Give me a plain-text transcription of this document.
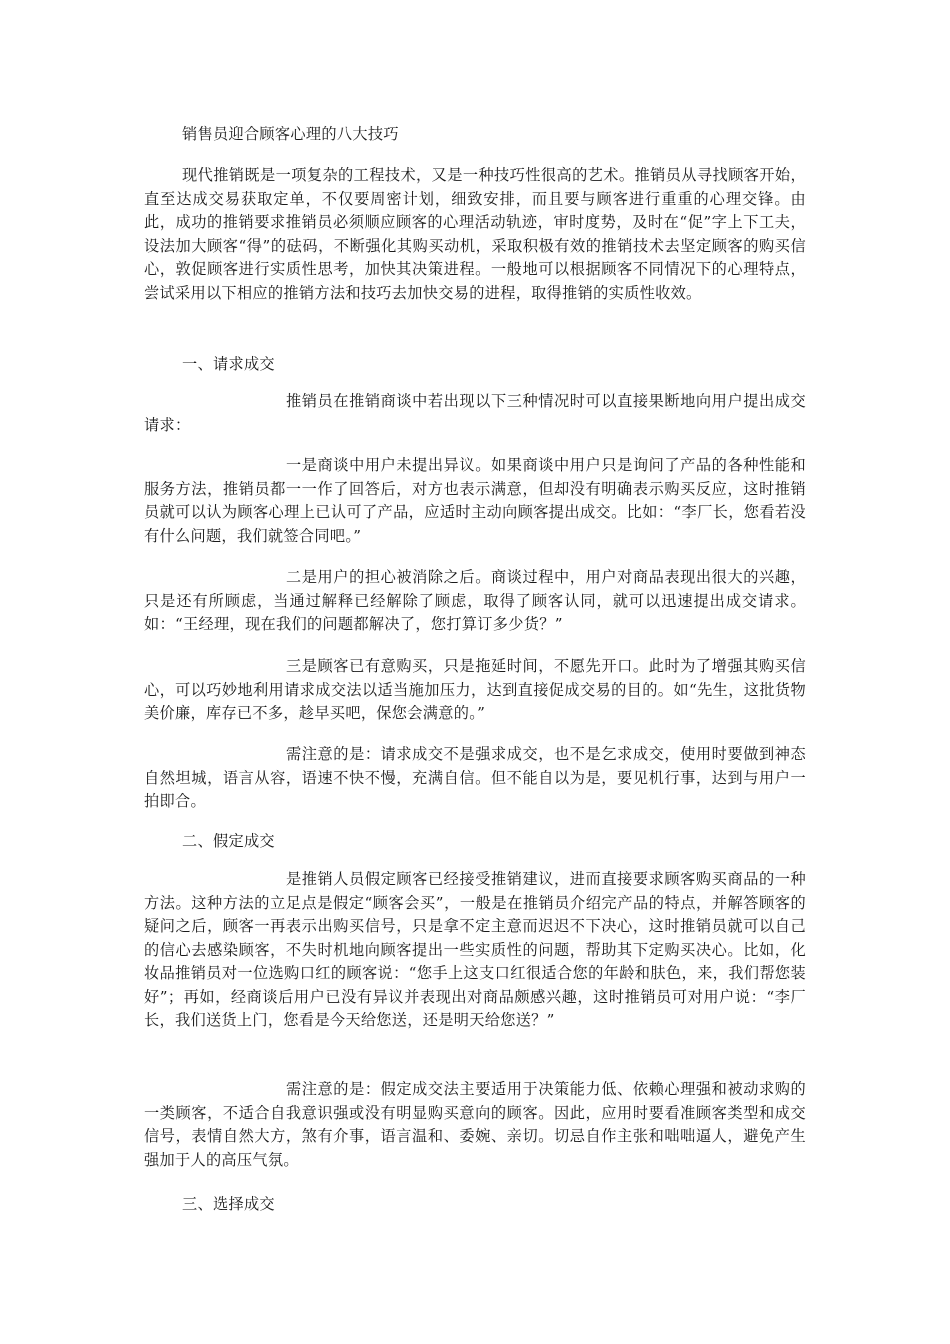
销售员迎合顾客心理的八大技巧

现代推销既是一项复杂的工程技术，又是一种技巧性很高的艺术。推销员从寻找顾客开始，直至达成交易获取定单，不仅要周密计划，细致安排，而且要与顾客进行重重的心理交锋。由此，成功的推销要求推销员必须顺应顾客的心理活动轨迹，审时度势，及时在“促”字上下工夫，设法加大顾客“得”的砝码，不断强化其购买动机，采取积极有效的推销技术去坚定顾客的购买信心，敦促顾客进行实质性思考，加快其决策进程。一般地可以根据顾客不同情况下的心理特点，尝试采用以下相应的推销方法和技巧去加快交易的进程，取得推销的实质性收效。

一、请求成交

推销员在推销商谈中若出现以下三种情况时可以直接果断地向用户提出成交请求：

一是商谈中用户未提出异议。如果商谈中用户只是询问了产品的各种性能和服务方法，推销员都一一作了回答后，对方也表示满意，但却没有明确表示购买反应，这时推销员就可以认为顾客心理上已认可了产品，应适时主动向顾客提出成交。比如：“李厂长，您看若没有什么问题，我们就签合同吧。”

二是用户的担心被消除之后。商谈过程中，用户对商品表现出很大的兴趣，只是还有所顾虑，当通过解释已经解除了顾虑，取得了顾客认同，就可以迅速提出成交请求。如：“王经理，现在我们的问题都解决了，您打算订多少货？”

三是顾客已有意购买，只是拖延时间，不愿先开口。此时为了增强其购买信心，可以巧妙地利用请求成交法以适当施加压力，达到直接促成交易的目的。如“先生，这批货物美价廉，库存已不多，趁早买吧，保您会满意的。”

需注意的是：请求成交不是强求成交，也不是乞求成交，使用时要做到神态自然坦城，语言从容，语速不快不慢，充满自信。但不能自以为是，要见机行事，达到与用户一拍即合。

二、假定成交

是推销人员假定顾客已经接受推销建议，进而直接要求顾客购买商品的一种方法。这种方法的立足点是假定“顾客会买”，一般是在推销员介绍完产品的特点，并解答顾客的疑问之后，顾客一再表示出购买信号，只是拿不定主意而迟迟不下决心，这时推销员就可以自己的信心去感染顾客，不失时机地向顾客提出一些实质性的问题，帮助其下定购买决心。比如，化妆品推销员对一位选购口红的顾客说：“您手上这支口红很适合您的年龄和肤色，来，我们帮您装好”；再如，经商谈后用户已没有异议并表现出对商品颇感兴趣，这时推销员可对用户说：“李厂长，我们送货上门，您看是今天给您送，还是明天给您送？”

需注意的是：假定成交法主要适用于决策能力低、依赖心理强和被动求购的一类顾客，不适合自我意识强或没有明显购买意向的顾客。因此，应用时要看准顾客类型和成交信号，表情自然大方，煞有介事，语言温和、委婉、亲切。切忌自作主张和咄咄逼人，避免产生强加于人的高压气氛。

三、选择成交
